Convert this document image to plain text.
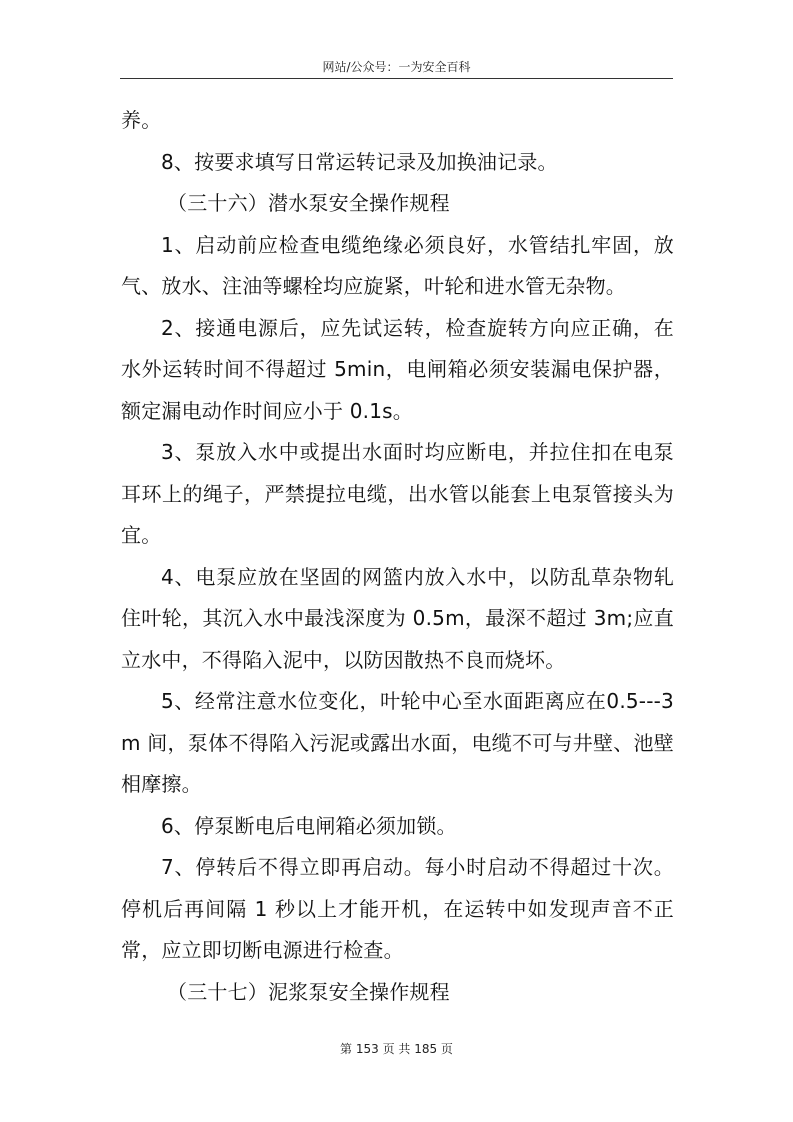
网站/公众号：一为安全百科

养。

8、按要求填写日常运转记录及加换油记录。

（三十六）潜水泵安全操作规程

1、启动前应检查电缆绝缘必须良好，水管结扎牢固，放气、放水、注油等螺栓均应旋紧，叶轮和进水管无杂物。

2、接通电源后，应先试运转，检查旋转方向应正确，在水外运转时间不得超过 5min，电闸箱必须安装漏电保护器，额定漏电动作时间应小于 0.1s。

3、泵放入水中或提出水面时均应断电，并拉住扣在电泵耳环上的绳子，严禁提拉电缆，出水管以能套上电泵管接头为宜。

4、电泵应放在坚固的网篮内放入水中，以防乱草杂物轧住叶轮，其沉入水中最浅深度为 0.5m，最深不超过 3m;应直立水中，不得陷入泥中，以防因散热不良而烧坏。

5、经常注意水位变化，叶轮中心至水面距离应在0.5---3m 间，泵体不得陷入污泥或露出水面，电缆不可与井壁、池壁相摩擦。

6、停泵断电后电闸箱必须加锁。

7、停转后不得立即再启动。每小时启动不得超过十次。停机后再间隔 1 秒以上才能开机，在运转中如发现声音不正常，应立即切断电源进行检查。

（三十七）泥浆泵安全操作规程

第 153 页 共 185 页
